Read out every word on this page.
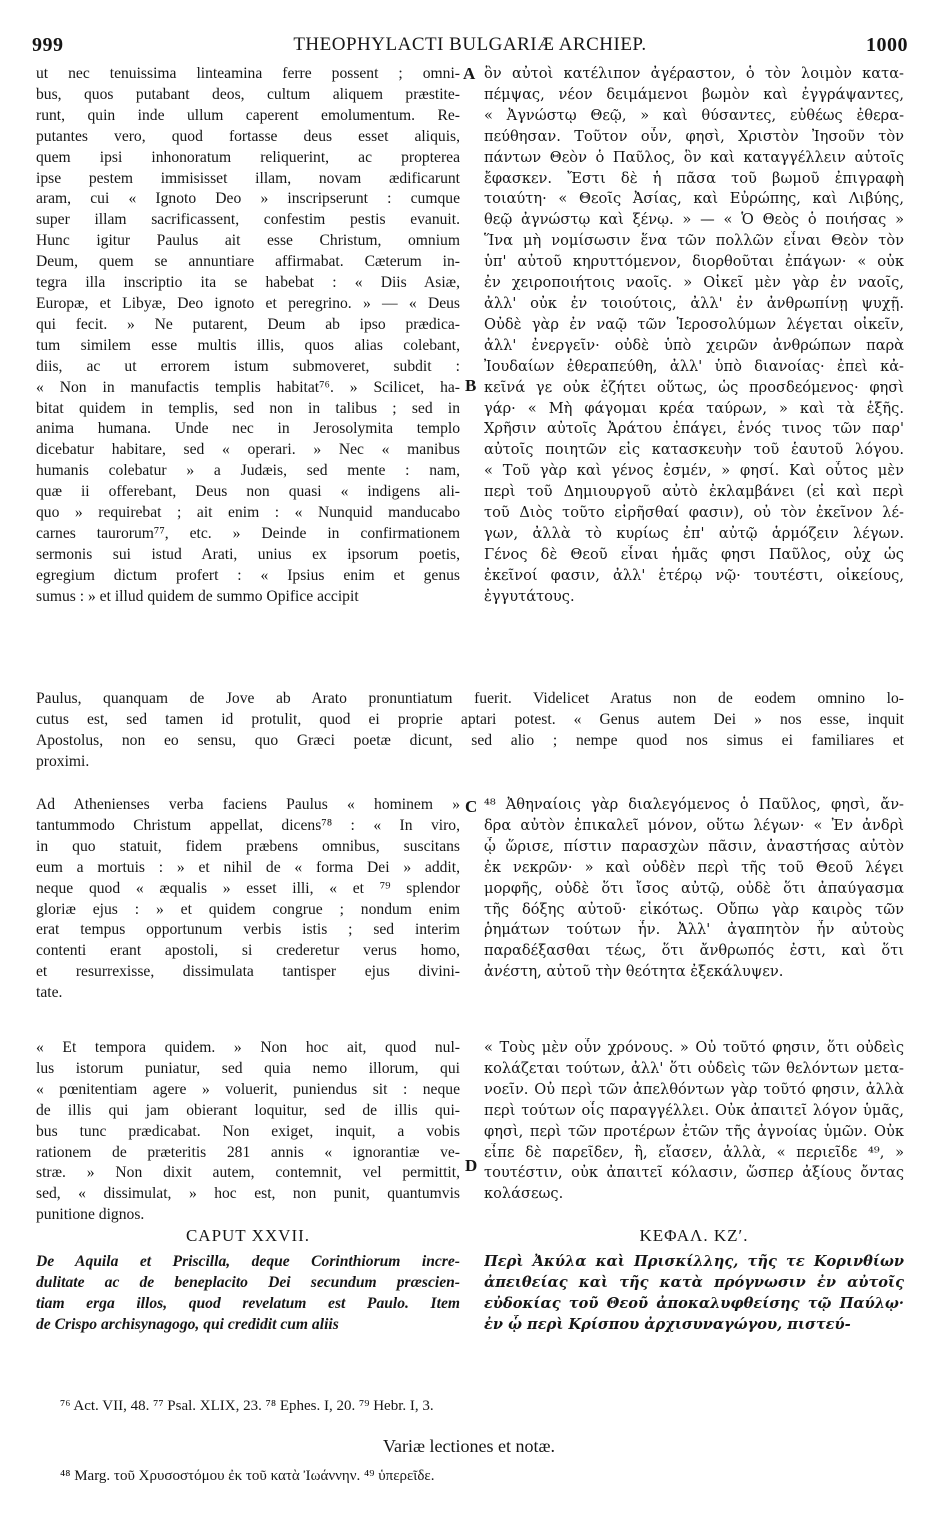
999	THEOPHYLACTI BULGARIÆ ARCHIEP.	1000
A
B
C
D
ut nec tenuissima linteamina ferre possent ; omni-
bus, quos putabant deos, cultum aliquem præstite-
runt, quin inde ullum caperent emolumentum. Re-
putantes vero, quod fortasse deus esset aliquis,
quem ipsi inhonoratum reliquerint, ac propterea
ipse pestem immisisset illam, novam ædificarunt
aram, cui « Ignoto Deo » inscripserunt : cumque
super illam sacrificassent, confestim pestis evanuit.
Hunc igitur Paulus ait esse Christum, omnium
Deum, quem se annuntiare affirmabat. Cæterum in-
tegra illa inscriptio ita se habebat : « Diis Asiæ,
Europæ, et Libyæ, Deo ignoto et peregrino. » — « Deus
qui fecit. » Ne putarent, Deum ab ipso prædica-
tum similem esse multis illis, quos alias colebant,
diis, ac ut errorem istum submoveret, subdit :
« Non in manufactis templis habitat⁷⁶. » Scilicet, ha-
bitat quidem in templis, sed non in talibus ; sed in
anima humana. Unde nec in Jerosolymita templo
dicebatur habitare, sed « operari. » Nec « manibus
humanis colebatur » a Judæis, sed mente : nam,
quæ ii offerebant, Deus non quasi « indigens ali-
quo » requirebat ; ait enim : « Nunquid manducabo
carnes taurorum⁷⁷, etc. » Deinde in confirmationem
sermonis sui istud Arati, unius ex ipsorum poetis,
egregium dictum profert : « Ipsius enim et genus
sumus : » et illud quidem de summo Opifice accipit
ὃν αὐτοὶ κατέλιπον ἀγέραστον, ὁ τὸν λοιμὸν κατα-
πέμψας, νέον δειμάμενοι βωμὸν καὶ ἐγγράψαντες,
« Ἀγνώστῳ Θεῷ, » καὶ θύσαντες, εὐθέως ἐθερα-
πεύθησαν. Τοῦτον οὖν, φησὶ, Χριστὸν Ἰησοῦν τὸν
πάντων Θεὸν ὁ Παῦλος, ὃν καὶ καταγγέλλειν αὐτοῖς
ἔφασκεν. Ἔστι δὲ ἡ πᾶσα τοῦ βωμοῦ ἐπιγραφὴ
τοιαύτη· « Θεοῖς Ἀσίας, καὶ Εὐρώπης, καὶ Λιβύης,
θεῷ ἀγνώστῳ καὶ ξένῳ. » — « Ὁ Θεὸς ὁ ποιήσας »
Ἵνα μὴ νομίσωσιν ἕνα τῶν πολλῶν εἶναι Θεὸν τὸν
ὑπ' αὐτοῦ κηρυττόμενον, διορθοῦται ἐπάγων· « οὐκ
ἐν χειροποιήτοις ναοῖς. » Οἰκεῖ μὲν γὰρ ἐν ναοῖς,
ἀλλ' οὐκ ἐν τοιούτοις, ἀλλ' ἐν ἀνθρωπίνῃ ψυχῇ.
Οὐδὲ γὰρ ἐν ναῷ τῶν Ἱεροσολύμων λέγεται οἰκεῖν,
ἀλλ' ἐνεργεῖν· οὐδὲ ὑπὸ χειρῶν ἀνθρώπων παρὰ
Ἰουδαίων ἐθεραπεύθη, ἀλλ' ὑπὸ διανοίας· ἐπεὶ κἀ-
κεῖνά γε οὐκ ἐζήτει οὕτως, ὡς προσδεόμενος· φησὶ
γάρ· « Μὴ φάγομαι κρέα ταύρων, » καὶ τὰ ἑξῆς.
Χρῆσιν αὐτοῖς Ἀράτου ἐπάγει, ἑνός τινος τῶν παρ'
αὐτοῖς ποιητῶν εἰς κατασκευὴν τοῦ ἑαυτοῦ λόγου.
« Τοῦ γὰρ καὶ γένος ἐσμέν, » φησί. Καὶ οὗτος μὲν
περὶ τοῦ Δημιουργοῦ αὐτὸ ἐκλαμβάνει (εἰ καὶ περὶ
τοῦ Διὸς τοῦτο εἰρῆσθαί φασιν), οὐ τὸν ἐκεῖνον λέ-
γων, ἀλλὰ τὸ κυρίως ἐπ' αὐτῷ ἁρμόζειν λέγων.
Γένος δὲ Θεοῦ εἶναι ἡμᾶς φησι Παῦλος, οὐχ ὡς
ἐκεῖνοί φασιν, ἀλλ' ἑτέρῳ νῷ· τουτέστι, οἰκείους,
ἐγγυτάτους.
Paulus, quanquam de Jove ab Arato pronuntiatum fuerit. Videlicet Aratus non de eodem omnino lo-
cutus est, sed tamen id protulit, quod ei proprie aptari potest. « Genus autem Dei » nos esse, inquit
Apostolus, non eo sensu, quo Græci poetæ dicunt, sed alio ; nempe quod nos simus ei familiares et
proximi.
Ad Athenienses verba faciens Paulus « hominem »
tantummodo Christum appellat, dicens⁷⁸ : « In viro,
in quo statuit, fidem præbens omnibus, suscitans
eum a mortuis : » et nihil de « forma Dei » addit,
neque quod « æqualis » esset illi, « et ⁷⁹ splendor
gloriæ ejus : » et quidem congrue ; nondum enim
erat tempus opportunum verbis istis ; sed interim
contenti erant apostoli, si crederetur verus homo,
et resurrexisse, dissimulata tantisper ejus divini-
tate.
⁴⁸ Ἀθηναίοις γὰρ διαλεγόμενος ὁ Παῦλος, φησὶ, ἄν-
δρα αὐτὸν ἐπικαλεῖ μόνον, οὕτω λέγων· « Ἐν ἀνδρὶ
ᾧ ὥρισε, πίστιν παρασχὼν πᾶσιν, ἀναστήσας αὐτὸν
ἐκ νεκρῶν· » καὶ οὐδὲν περὶ τῆς τοῦ Θεοῦ λέγει
μορφῆς, οὐδὲ ὅτι ἴσος αὐτῷ, οὐδὲ ὅτι ἀπαύγασμα
τῆς δόξης αὐτοῦ· εἰκότως. Οὔπω γὰρ καιρὸς τῶν
ῥημάτων τούτων ἦν. Ἀλλ' ἀγαπητὸν ἦν αὐτοὺς
παραδέξασθαι τέως, ὅτι ἄνθρωπός ἐστι, καὶ ὅτι
ἀνέστη, αὐτοῦ τὴν θεότητα ἐξεκάλυψεν.
« Et tempora quidem. » Non hoc ait, quod nul-
lus istorum puniatur, sed quia nemo illorum, qui
« pœnitentiam agere » voluerit, puniendus sit : neque
de illis qui jam obierant loquitur, sed de illis qui-
bus tunc prædicabat. Non exiget, inquit, a vobis
rationem de præteritis 281 annis « ignorantiæ ve-
stræ. » Non dixit autem, contemnit, vel permittit,
sed, « dissimulat, » hoc est, non punit, quantumvis
punitione dignos.
« Τοὺς μὲν οὖν χρόνους. » Οὐ τοῦτό φησιν, ὅτι οὐδεὶς
κολάζεται τούτων, ἀλλ' ὅτι οὐδεὶς τῶν θελόντων μετα-
νοεῖν. Οὐ περὶ τῶν ἀπελθόντων γὰρ τοῦτό φησιν, ἀλλὰ
περὶ τούτων οἷς παραγγέλλει. Οὐκ ἀπαιτεῖ λόγον ὑμᾶς,
φησὶ, περὶ τῶν προτέρων ἐτῶν τῆς ἀγνοίας ὑμῶν. Οὐκ
εἶπε δὲ παρεῖδεν, ἢ, εἴασεν, ἀλλὰ, « περιεῖδε ⁴⁹, »
τουτέστιν, οὐκ ἀπαιτεῖ κόλασιν, ὥσπερ ἀξίους ὄντας
κολάσεως.
CAPUT XXVII.	ΚΕΦΑΛ. ΚΖʹ.
De Aquila et Priscilla, deque Corinthiorum incre-
dulitate ac de beneplacito Dei secundum præscien-
tiam erga illos, quod revelatum est Paulo. Item
de Crispo archisynagogo, qui credidit cum aliis
Περὶ Ἀκύλα καὶ Πρισκίλλης, τῆς τε Κορινθίων
ἀπειθείας καὶ τῆς κατὰ πρόγνωσιν ἐν αὐτοῖς
εὐδοκίας τοῦ Θεοῦ ἀποκαλυφθείσης τῷ Παύλῳ·
ἐν ᾧ περὶ Κρίσπου ἀρχισυναγώγου, πιστεύ-
⁷⁶ Act. VII, 48. ⁷⁷ Psal. XLIX, 23. ⁷⁸ Ephes. I, 20. ⁷⁹ Hebr. I, 3.
Variæ lectiones et notæ.
⁴⁸ Marg. τοῦ Χρυσοστόμου ἐκ τοῦ κατὰ Ἰωάννην. ⁴⁹ ὑπερεῖδε.
